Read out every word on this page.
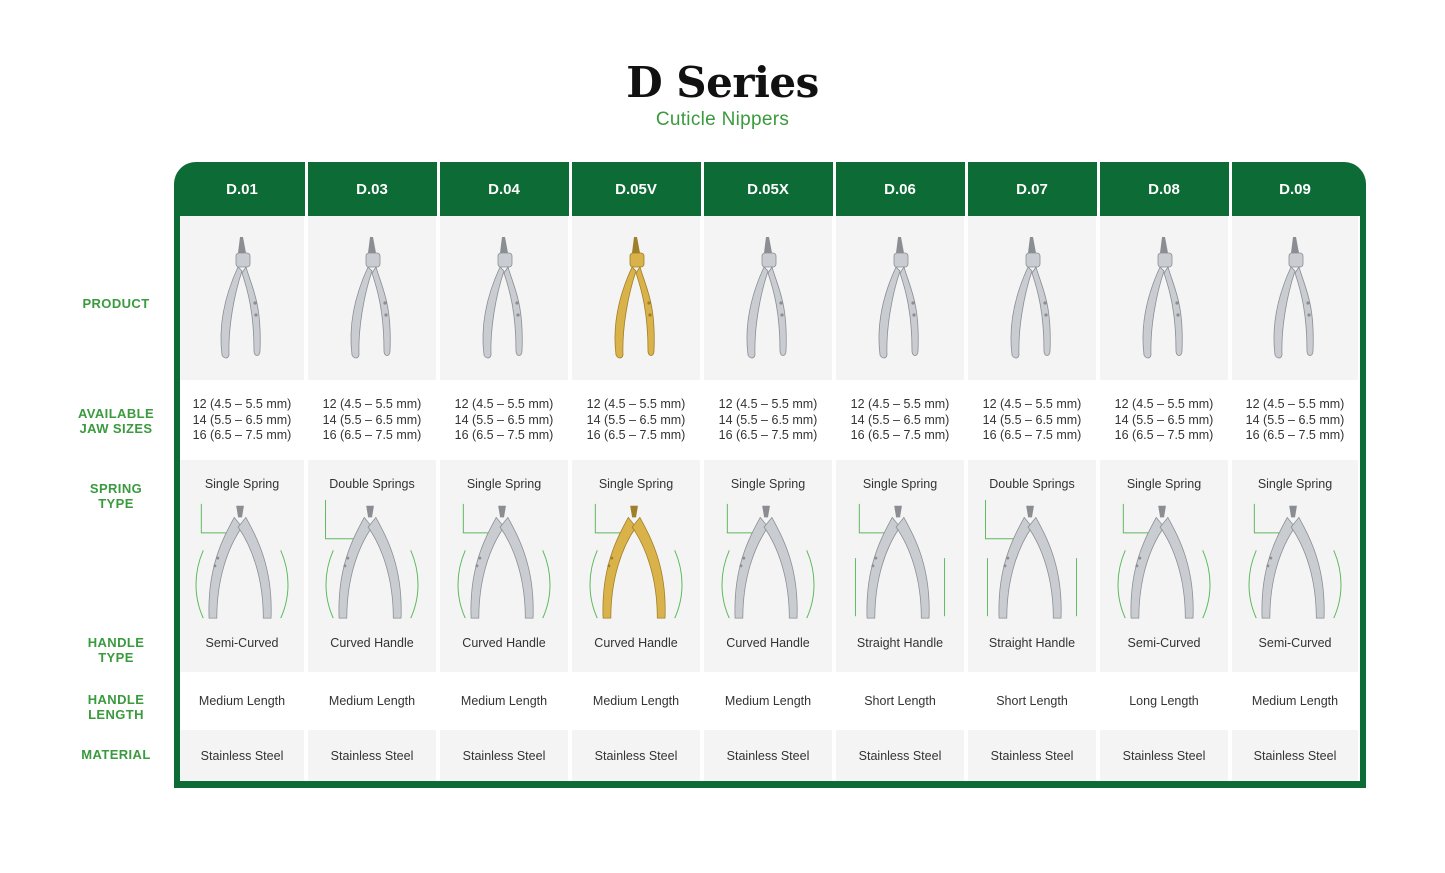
D Series
Cuticle Nippers
PRODUCT
AVAILABLE
JAW SIZES
SPRING
TYPE
HANDLE
TYPE
HANDLE
LENGTH
MATERIAL
D.01
12 (4.5 – 5.5 mm)
14 (5.5 – 6.5 mm)
16 (6.5 – 7.5 mm)
Single Spring
Semi-Curved
Medium Length
Stainless Steel
D.03
12 (4.5 – 5.5 mm)
14 (5.5 – 6.5 mm)
16 (6.5 – 7.5 mm)
Double Springs
Curved Handle
Medium Length
Stainless Steel
D.04
12 (4.5 – 5.5 mm)
14 (5.5 – 6.5 mm)
16 (6.5 – 7.5 mm)
Single Spring
Curved Handle
Medium Length
Stainless Steel
D.05V
12 (4.5 – 5.5 mm)
14 (5.5 – 6.5 mm)
16 (6.5 – 7.5 mm)
Single Spring
Curved Handle
Medium Length
Stainless Steel
D.05X
12 (4.5 – 5.5 mm)
14 (5.5 – 6.5 mm)
16 (6.5 – 7.5 mm)
Single Spring
Curved Handle
Medium Length
Stainless Steel
D.06
12 (4.5 – 5.5 mm)
14 (5.5 – 6.5 mm)
16 (6.5 – 7.5 mm)
Single Spring
Straight Handle
Short Length
Stainless Steel
D.07
12 (4.5 – 5.5 mm)
14 (5.5 – 6.5 mm)
16 (6.5 – 7.5 mm)
Double Springs
Straight Handle
Short Length
Stainless Steel
D.08
12 (4.5 – 5.5 mm)
14 (5.5 – 6.5 mm)
16 (6.5 – 7.5 mm)
Single Spring
Semi-Curved
Long Length
Stainless Steel
D.09
12 (4.5 – 5.5 mm)
14 (5.5 – 6.5 mm)
16 (6.5 – 7.5 mm)
Single Spring
Semi-Curved
Medium Length
Stainless Steel
